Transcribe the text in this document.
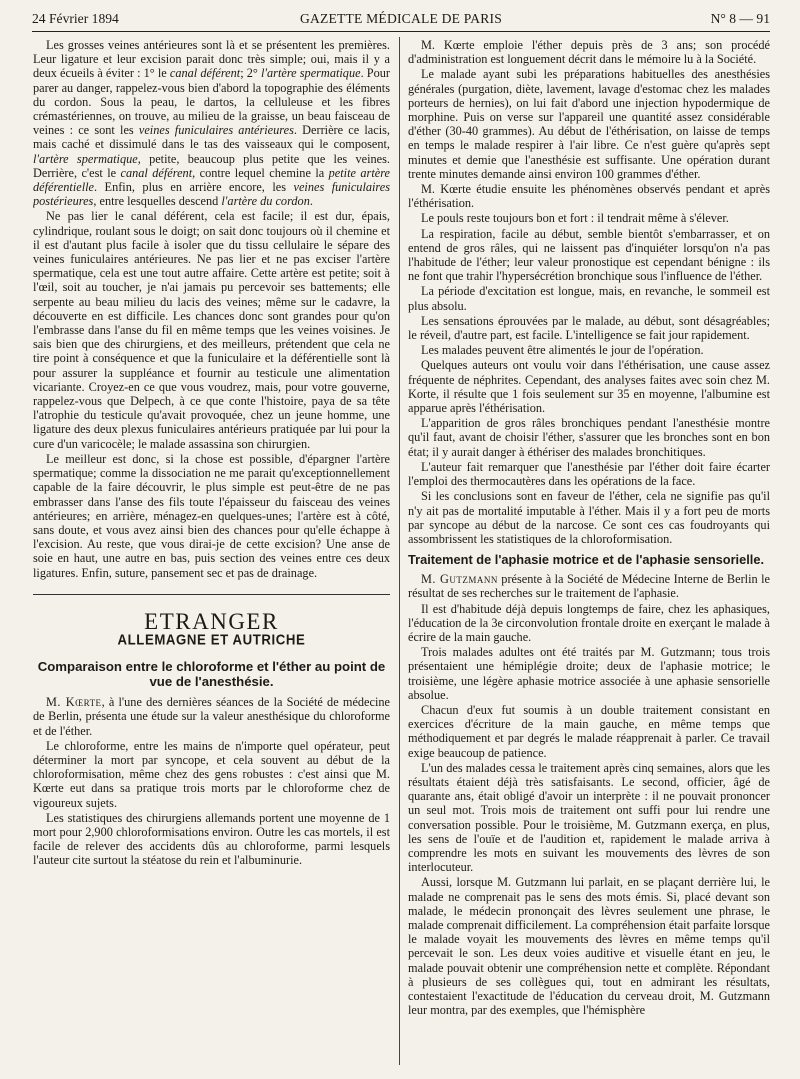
24 Février 1894	GAZETTE MÉDICALE DE PARIS	N° 8 — 91

Les grosses veines antérieures sont là et se présentent les premières. Leur ligature et leur excision parait donc très simple; oui, mais il y a deux écueils à éviter : 1° le canal déférent; 2° l'artère spermatique. Pour parer au danger, rappelez-vous bien d'abord la topographie des éléments du cordon. Sous la peau, le dartos, la celluleuse et les fibres crémastériennes, on trouve, au milieu de la graisse, un beau faisceau de veines : ce sont les veines funiculaires antérieures. Derrière ce lacis, mais caché et dissimulé dans le tas des vaisseaux qui le composent, l'artère spermatique, petite, beaucoup plus petite que les veines. Derrière, c'est le canal déférent, contre lequel chemine la petite artère déférentielle. Enfin, plus en arrière encore, les veines funiculaires postérieures, entre lesquelles descend l'artère du cordon.

Ne pas lier le canal déférent, cela est facile; il est dur, épais, cylindrique, roulant sous le doigt; on sait donc toujours où il chemine et il est d'autant plus facile à isoler que du tissu cellulaire le sépare des veines funiculaires antérieures. Ne pas lier et ne pas exciser l'artère spermatique, cela est une tout autre affaire. Cette artère est petite; soit à l'œil, soit au toucher, je n'ai jamais pu percevoir ses battements; elle serpente au beau milieu du lacis des veines; même sur le cadavre, la découverte en est difficile. Les chances donc sont grandes pour qu'on l'embrasse dans l'anse du fil en même temps que les veines voisines. Je sais bien que des chirurgiens, et des meilleurs, prétendent que cela ne tire point à conséquence et que la funiculaire et la déférentielle sont là pour assurer la suppléance et fournir au testicule une alimentation vicariante. Croyez-en ce que vous voudrez, mais, pour votre gouverne, rappelez-vous que Delpech, à ce que conte l'histoire, paya de sa tête l'atrophie du testicule qu'avait provoquée, chez un jeune homme, une ligature des deux plexus funiculaires antérieurs pratiquée par lui pour la cure d'un varicocèle; le malade assassina son chirurgien.

Le meilleur est donc, si la chose est possible, d'épargner l'artère spermatique; comme la dissociation ne me parait qu'exceptionnellement capable de la faire découvrir, le plus simple est peut-être de ne pas embrasser dans l'anse des fils toute l'épaisseur du faisceau des veines antérieures; en arrière, ménagez-en quelques-unes; l'artère est à côté, sans doute, et vous avez ainsi bien des chances pour qu'elle échappe à l'excision. Au reste, que vous dirai-je de cette excision? Une anse de soie en haut, une autre en bas, puis section des veines entre ces deux ligatures. Enfin, suture, pansement sec et pas de drainage.

ETRANGER
ALLEMAGNE ET AUTRICHE
Comparaison entre le chloroforme et l'éther au point de vue de l'anesthésie.

M. Kœrte, à l'une des dernières séances de la Société de médecine de Berlin, présenta une étude sur la valeur anesthésique du chloroforme et de l'éther.

Le chloroforme, entre les mains de n'importe quel opérateur, peut déterminer la mort par syncope, et cela souvent au début de la chloroformisation, même chez des gens robustes : c'est ainsi que M. Kœrte eut dans sa pratique trois morts par le chloroforme chez de vigoureux sujets.

Les statistiques des chirurgiens allemands portent une moyenne de 1 mort pour 2,900 chloroformisations environ. Outre les cas mortels, il est facile de relever des accidents dûs au chloroforme, parmi lesquels l'auteur cite surtout la stéatose du rein et l'albuminurie.

M. Kœrte emploie l'éther depuis près de 3 ans; son procédé d'administration est longuement décrit dans le mémoire lu à la Société.

Le malade ayant subi les préparations habituelles des anesthésies générales (purgation, diète, lavement, lavage d'estomac chez les malades porteurs de hernies), on lui fait d'abord une injection hypodermique de morphine. Puis on verse sur l'appareil une quantité assez considérable d'éther (30-40 grammes). Au début de l'éthérisation, on laisse de temps en temps le malade respirer à l'air libre. Ce n'est guère qu'après sept minutes et demie que l'anesthésie est suffisante. Une opération durant trente minutes demande ainsi environ 100 grammes d'éther.

M. Kœrte étudie ensuite les phénomènes observés pendant et après l'éthérisation.

Le pouls reste toujours bon et fort : il tendrait même à s'élever.

La respiration, facile au début, semble bientôt s'embarrasser, et on entend de gros râles, qui ne laissent pas d'inquiéter lorsqu'on n'a pas l'habitude de l'éther; leur valeur pronostique est cependant bénigne : ils ne font que trahir l'hypersécrétion bronchique sous l'influence de l'éther.

La période d'excitation est longue, mais, en revanche, le sommeil est plus absolu.

Les sensations éprouvées par le malade, au début, sont désagréables; le réveil, d'autre part, est facile. L'intelligence se fait jour rapidement.

Les malades peuvent être alimentés le jour de l'opération.

Quelques auteurs ont voulu voir dans l'éthérisation, une cause assez fréquente de néphrites. Cependant, des analyses faites avec soin chez M. Korte, il résulte que 1 fois seulement sur 35 en moyenne, l'albumine est apparue après l'éthérisation.

L'apparition de gros râles bronchiques pendant l'anesthésie montre qu'il faut, avant de choisir l'éther, s'assurer que les bronches sont en bon état; il y aurait danger à éthériser des malades bronchitiques.

L'auteur fait remarquer que l'anesthésie par l'éther doit faire écarter l'emploi des thermocautères dans les opérations de la face.

Si les conclusions sont en faveur de l'éther, cela ne signifie pas qu'il n'y ait pas de mortalité imputable à l'éther. Mais il y a fort peu de morts par syncope au début de la narcose. Ce sont ces cas foudroyants qui assombrissent les statistiques de la chloroformisation.

Traitement de l'aphasie motrice et de l'aphasie sensorielle.

M. Gutzmann présente à la Société de Médecine Interne de Berlin le résultat de ses recherches sur le traitement de l'aphasie.

Il est d'habitude déjà depuis longtemps de faire, chez les aphasiques, l'éducation de la 3e circonvolution frontale droite en exerçant le malade à écrire de la main gauche.

Trois malades adultes ont été traités par M. Gutzmann; tous trois présentaient une hémiplégie droite; deux de l'aphasie motrice; le troisième, une légère aphasie motrice associée à une aphasie sensorielle absolue.

Chacun d'eux fut soumis à un double traitement consistant en exercices d'écriture de la main gauche, en même temps que méthodiquement et par degrés le malade réapprenait à parler. Ce travail exige beaucoup de patience.

L'un des malades cessa le traitement après cinq semaines, alors que les résultats étaient déjà très satisfaisants. Le second, officier, âgé de quarante ans, était obligé d'avoir un interprète : il ne pouvait prononcer un seul mot. Trois mois de traitement ont suffi pour lui rendre une conversation possible. Pour le troisième, M. Gutzmann exerça, en plus, les sens de l'ouïe et de l'audition et, rapidement le malade arriva à comprendre les mots en suivant les mouvements des lèvres de son interlocuteur.

Aussi, lorsque M. Gutzmann lui parlait, en se plaçant derrière lui, le malade ne comprenait pas le sens des mots émis. Si, placé devant son malade, le médecin prononçait des lèvres seulement une phrase, le malade comprenait difficilement. La compréhension était parfaite lorsque le malade voyait les mouvements des lèvres en même temps qu'il percevait le son. Les deux voies auditive et visuelle étant en jeu, le malade pouvait obtenir une compréhension nette et complète. Répondant à plusieurs de ses collègues qui, tout en admirant les résultats, contestaient l'exactitude de l'éducation du cerveau droit, M. Gutzmann leur montra, par des exemples, que l'hémisphère
